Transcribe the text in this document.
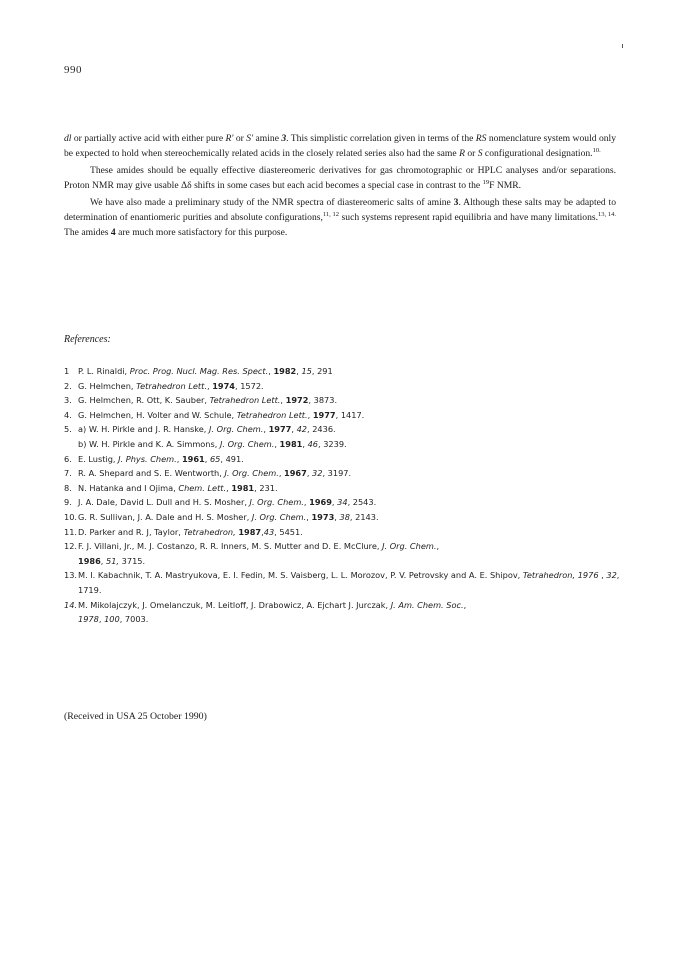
990

dl or partially active acid with either pure R' or S' amine 3. This simplistic correlation given in terms of the RS nomenclature system would only be expected to hold when stereochemically related acids in the closely related series also had the same R or S configurational designation.$^{10.}$

These amides should be equally effective diastereomeric derivatives for gas chromotographic or HPLC analyses and/or separations. Proton NMR may give usable Δδ shifts in some cases but each acid becomes a special case in contrast to the $^{19}$F NMR.

We have also made a preliminary study of the NMR spectra of diastereomeric salts of amine 3. Although these salts may be adapted to determination of enantiomeric purities and absolute configurations,$^{11, 12}$ such systems represent rapid equilibria and have many limitations.$^{13, 14.}$ The amides 4 are much more satisfactory for this purpose.

References:
1	P. L. Rinaldi, Proc. Prog. Nucl. Mag. Res. Spect., 1982, 15, 291
2. G. Helmchen, Tetrahedron Lett., 1974, 1572.
3. G. Helmchen, R. Ott, K. Sauber, Tetrahedron Lett., 1972, 3873.
4. G. Helmchen, H. Volter and W. Schule, Tetrahedron Lett., 1977, 1417.
5. a) W. H. Pirkle and J. R. Hanske, J. Org. Chem., 1977, 42, 2436.
b) W. H. Pirkle and K. A. Simmons, J. Org. Chem., 1981, 46, 3239.
6. E. Lustig, J. Phys. Chem., 1961, 65, 491.
7. R. A. Shepard and S. E. Wentworth, J. Org. Chem., 1967, 32, 3197.
8. N. Hatanka and I Ojima, Chem. Lett., 1981, 231.
9. J. A. Dale, David L. Dull and H. S. Mosher, J. Org. Chem., 1969, 34, 2543.
10. G. R. Sullivan, J. A. Dale and H. S. Mosher, J. Org. Chem., 1973, 38, 2143.
11. D. Parker and R. J, Taylor, Tetrahedron, 1987,43, 5451.
12. F. J. Villani, Jr., M. J. Costanzo, R. R. Inners, M. S. Mutter and D. E. McClure, J. Org. Chem.,
1986, 51, 3715.
13. M. I. Kabachnik, T. A. Mastryukova, E. I. Fedin, M. S. Vaisberg, L. L. Morozov, P. V. Petrovsky and A. E. Shipov, Tetrahedron, 1976 , 32, 1719.
14. M. Mikolajczyk, J. Omelanczuk, M. Leitloff, J. Drabowicz, A. Ejchart J. Jurczak, J. Am. Chem. Soc.,
1978, 100, 7003.
(Received in USA 25 October 1990)
